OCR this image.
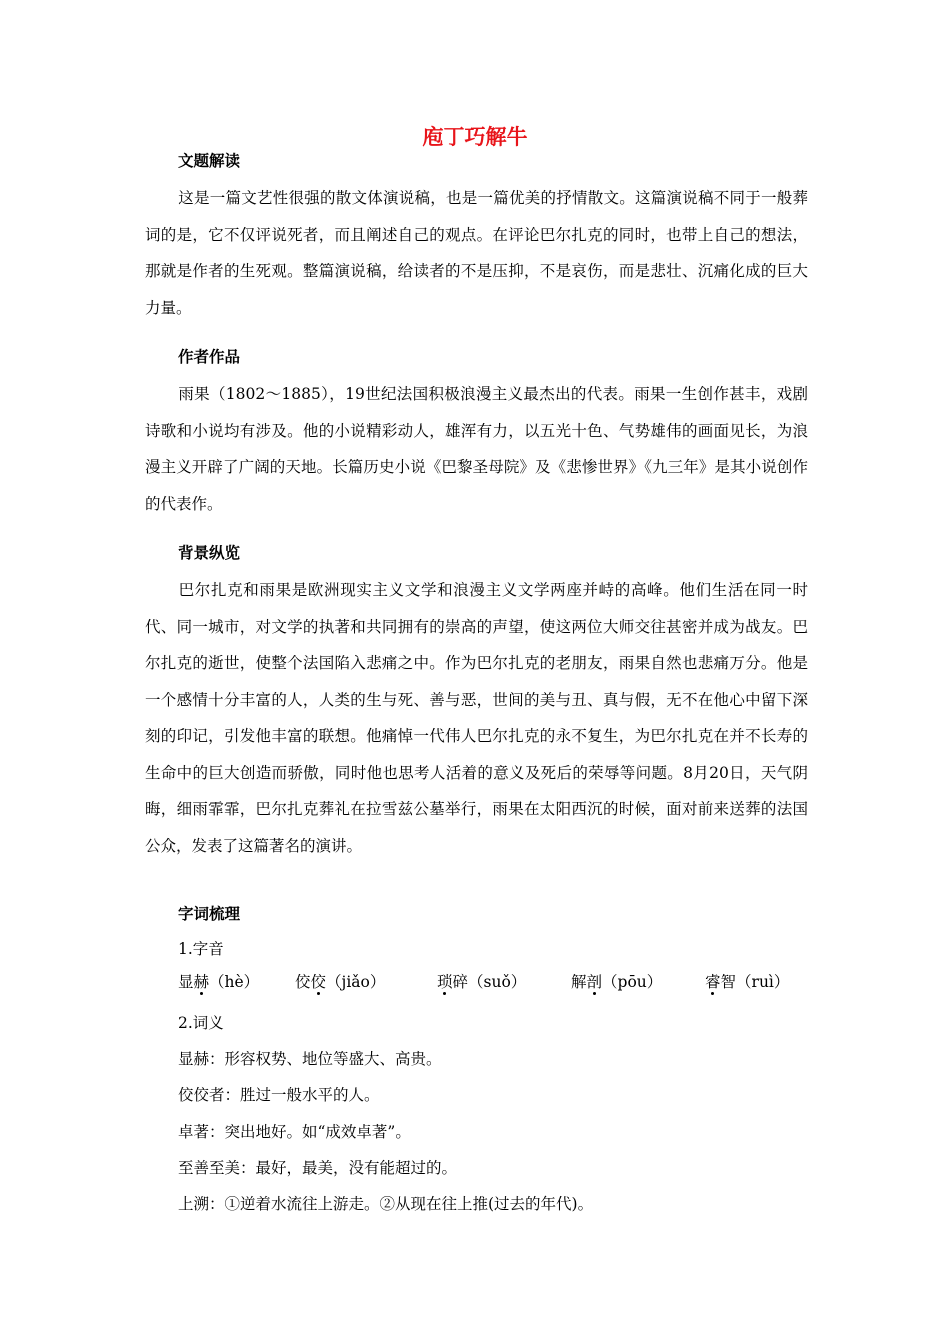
庖丁巧解牛
文题解读
这是一篇文艺性很强的散文体演说稿，也是一篇优美的抒情散文。这篇演说稿不同于一般葬词的是，它不仅评说死者，而且阐述自己的观点。在评论巴尔扎克的同时，也带上自己的想法，那就是作者的生死观。整篇演说稿，给读者的不是压抑，不是哀伤，而是悲壮、沉痛化成的巨大力量。
作者作品
雨果（1802～1885），19世纪法国积极浪漫主义最杰出的代表。雨果一生创作甚丰，戏剧诗歌和小说均有涉及。他的小说精彩动人，雄浑有力，以五光十色、气势雄伟的画面见长，为浪漫主义开辟了广阔的天地。长篇历史小说《巴黎圣母院》及《悲惨世界》《九三年》是其小说创作的代表作。
背景纵览
巴尔扎克和雨果是欧洲现实主义文学和浪漫主义文学两座并峙的高峰。他们生活在同一时代、同一城市，对文学的执著和共同拥有的崇高的声望，使这两位大师交往甚密并成为战友。巴尔扎克的逝世，使整个法国陷入悲痛之中。作为巴尔扎克的老朋友，雨果自然也悲痛万分。他是一个感情十分丰富的人，人类的生与死、善与恶，世间的美与丑、真与假，无不在他心中留下深刻的印记，引发他丰富的联想。他痛悼一代伟人巴尔扎克的永不复生，为巴尔扎克在并不长寿的生命中的巨大创造而骄傲，同时他也思考人活着的意义及死后的荣辱等问题。8月20日，天气阴晦，细雨霏霏，巴尔扎克葬礼在拉雪兹公墓举行，雨果在太阳西沉的时候，面对前来送葬的法国公众，发表了这篇著名的演讲。
字词梳理
1.字音
显赫（hè） 佼佼（jiǎo）	琐碎（suǒ）	解剖（pōu）	睿智（ruì）
2.词义
显赫：形容权势、地位等盛大、高贵。
佼佼者：胜过一般水平的人。
卓著：突出地好。如“成效卓著”。
至善至美：最好，最美，没有能超过的。
上溯：①逆着水流往上游走。②从现在往上推(过去的年代)。
